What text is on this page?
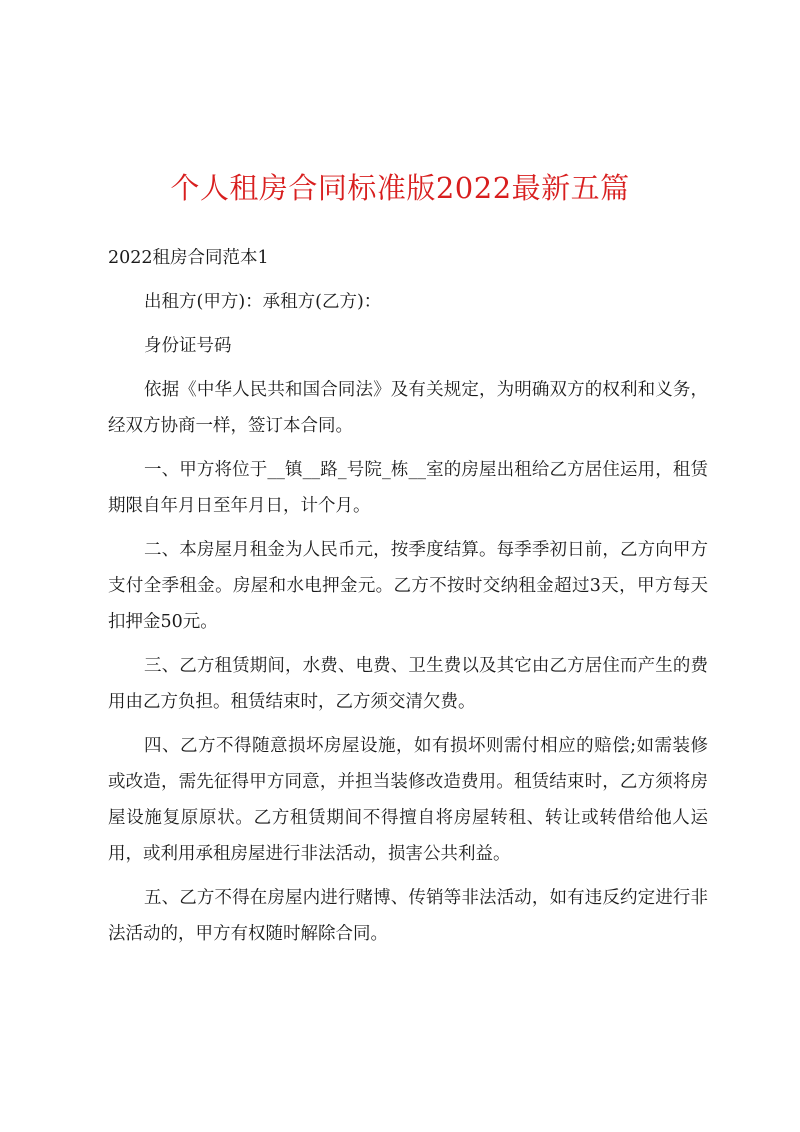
个人租房合同标准版2022最新五篇

2022租房合同范本1

出租方(甲方)：承租方(乙方)：

身份证号码

依据《中华人民共和国合同法》及有关规定，为明确双方的权利和义务，经双方协商一样，签订本合同。

一、甲方将位于__镇__路_号院_栋__室的房屋出租给乙方居住运用，租赁期限自年月日至年月日，计个月。

二、本房屋月租金为人民币元，按季度结算。每季季初日前，乙方向甲方支付全季租金。房屋和水电押金元。乙方不按时交纳租金超过3天，甲方每天扣押金50元。

三、乙方租赁期间，水费、电费、卫生费以及其它由乙方居住而产生的费用由乙方负担。租赁结束时，乙方须交清欠费。

四、乙方不得随意损坏房屋设施，如有损坏则需付相应的赔偿;如需装修或改造，需先征得甲方同意，并担当装修改造费用。租赁结束时，乙方须将房屋设施复原原状。乙方租赁期间不得擅自将房屋转租、转让或转借给他人运用，或利用承租房屋进行非法活动，损害公共利益。

五、乙方不得在房屋内进行赌博、传销等非法活动，如有违反约定进行非法活动的，甲方有权随时解除合同。
